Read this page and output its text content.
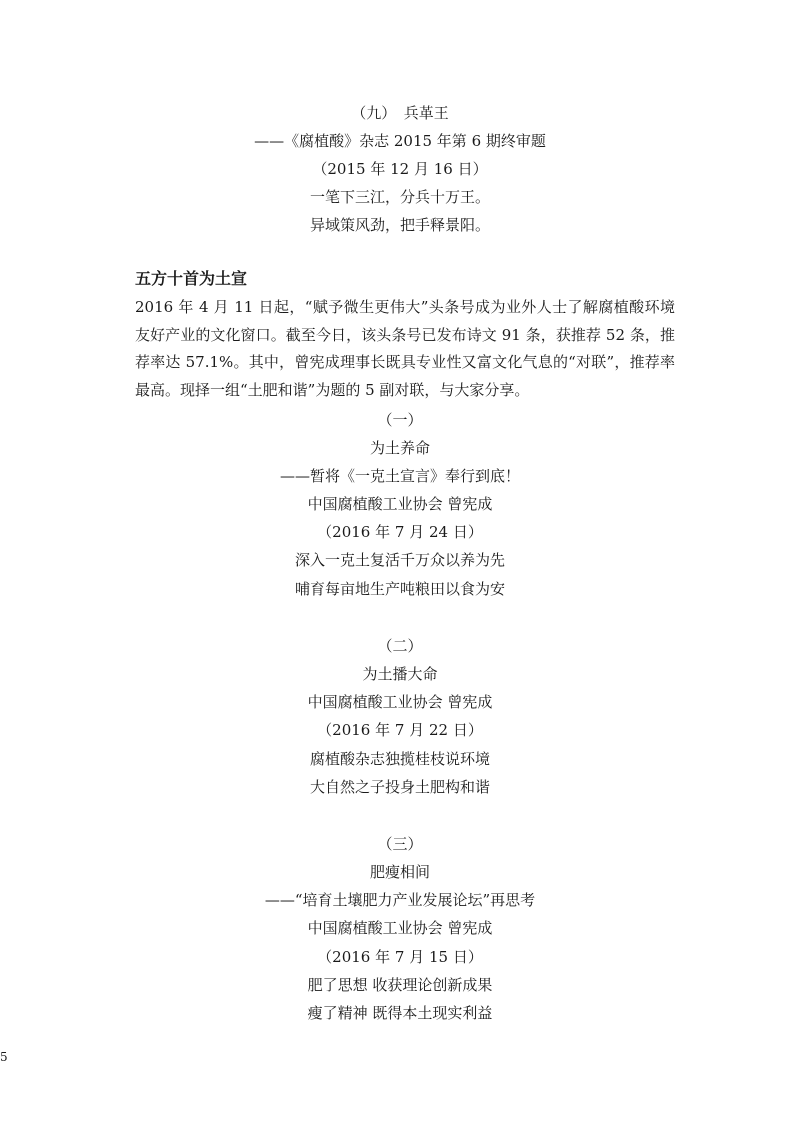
（九）　兵革王
——《腐植酸》杂志 2015 年第 6 期终审题
（2015 年 12 月 16 日）
一笔下三江，分兵十万王。
异域策风劲，把手释景阳。
五方十首为土宣
2016 年 4 月 11 日起，“赋予微生更伟大”头条号成为业外人士了解腐植酸环境友好产业的文化窗口。截至今日，该头条号已发布诗文 91 条，获推荐 52 条，推荐率达 57.1%。其中，曾宪成理事长既具专业性又富文化气息的“对联”，推荐率最高。现择一组“土肥和谐”为题的 5 副对联，与大家分享。
（一）
为土养命
——暂将《一克土宣言》奉行到底！
中国腐植酸工业协会 曾宪成
（2016 年 7 月 24 日）
深入一克土复活千万众以养为先
哺育每亩地生产吨粮田以食为安
（二）
为土播大命
中国腐植酸工业协会 曾宪成
（2016 年 7 月 22 日）
腐植酸杂志独揽桂枝说环境
大自然之子投身土肥构和谐
（三）
肥瘦相间
——“培育土壤肥力产业发展论坛”再思考
中国腐植酸工业协会 曾宪成
（2016 年 7 月 15 日）
肥了思想 收获理论创新成果
瘦了精神 既得本土现实利益
5
